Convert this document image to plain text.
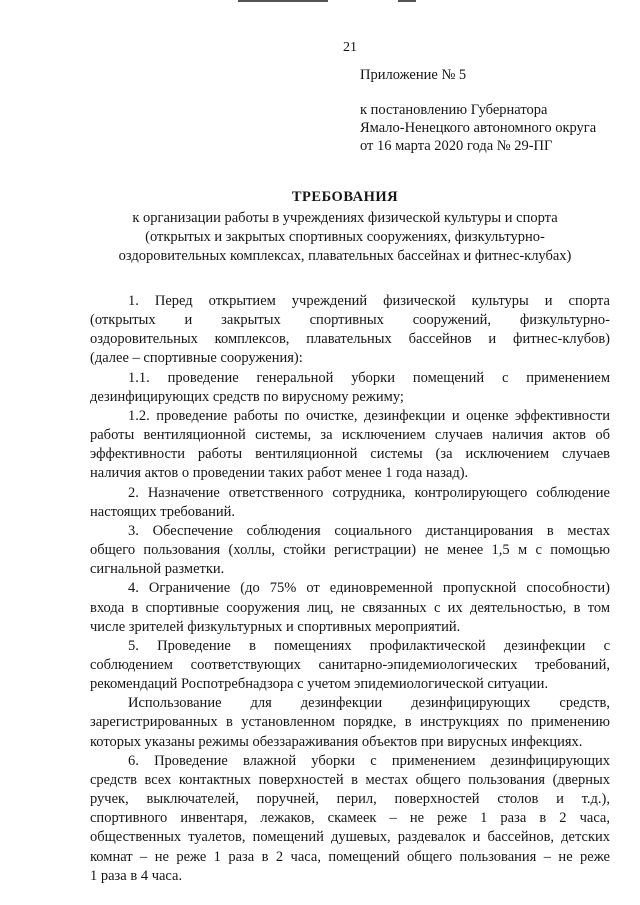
21
Приложение № 5
к постановлению Губернатора
Ямало-Ненецкого автономного округа
от 16 марта 2020 года № 29-ПГ
ТРЕБОВАНИЯ
к организации работы в учреждениях физической культуры и спорта
(открытых и закрытых спортивных сооружениях, физкультурно-
оздоровительных комплексах, плавательных бассейнах и фитнес-клубах)
1. Перед открытием учреждений физической культуры и спорта
(открытых и закрытых спортивных сооружений, физкультурно-
оздоровительных комплексов, плавательных бассейнов и фитнес-клубов)
(далее – спортивные сооружения):
1.1. проведение генеральной уборки помещений с применением
дезинфицирующих средств по вирусному режиму;
1.2. проведение работы по очистке, дезинфекции и оценке эффективности
работы вентиляционной системы, за исключением случаев наличия актов об
эффективности работы вентиляционной системы (за исключением случаев
наличия актов о проведении таких работ менее 1 года назад).
2. Назначение ответственного сотрудника, контролирующего соблюдение
настоящих требований.
3. Обеспечение соблюдения социального дистанцирования в местах
общего пользования (холлы, стойки регистрации) не менее 1,5 м с помощью
сигнальной разметки.
4. Ограничение (до 75% от единовременной пропускной способности)
входа в спортивные сооружения лиц, не связанных с их деятельностью, в том
числе зрителей физкультурных и спортивных мероприятий.
5. Проведение в помещениях профилактической дезинфекции с
соблюдением соответствующих санитарно-эпидемиологических требований,
рекомендаций Роспотребнадзора с учетом эпидемиологической ситуации.
Использование для дезинфекции дезинфицирующих средств,
зарегистрированных в установленном порядке, в инструкциях по применению
которых указаны режимы обеззараживания объектов при вирусных инфекциях.
6. Проведение влажной уборки с применением дезинфицирующих
средств всех контактных поверхностей в местах общего пользования (дверных
ручек, выключателей, поручней, перил, поверхностей столов и т.д.),
спортивного инвентаря, лежаков, скамеек – не реже 1 раза в 2 часа,
общественных туалетов, помещений душевых, раздевалок и бассейнов, детских
комнат – не реже 1 раза в 2 часа, помещений общего пользования – не реже
1 раза в 4 часа.
